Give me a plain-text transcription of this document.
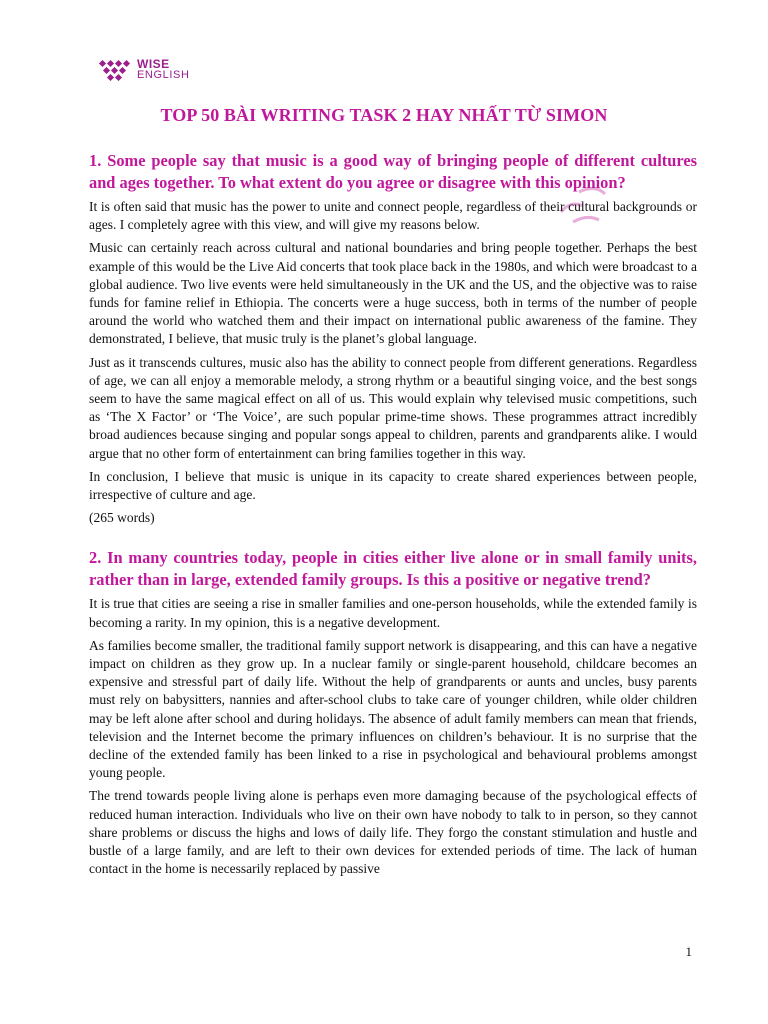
WISE
ENGLISH
TOP 50 BÀI WRITING TASK 2 HAY NHẤT TỪ SIMON
1. Some people say that music is a good way of bringing people of different cultures and ages together. To what extent do you agree or disagree with this opinion?

It is often said that music has the power to unite and connect people, regardless of their cultural backgrounds or ages. I completely agree with this view, and will give my reasons below.

Music can certainly reach across cultural and national boundaries and bring people together. Perhaps the best example of this would be the Live Aid concerts that took place back in the 1980s, and which were broadcast to a global audience. Two live events were held simultaneously in the UK and the US, and the objective was to raise funds for famine relief in Ethiopia. The concerts were a huge success, both in terms of the number of people around the world who watched them and their impact on international public awareness of the famine. They demonstrated, I believe, that music truly is the planet’s global language.

Just as it transcends cultures, music also has the ability to connect people from different generations. Regardless of age, we can all enjoy a memorable melody, a strong rhythm or a beautiful singing voice, and the best songs seem to have the same magical effect on all of us. This would explain why televised music competitions, such as ‘The X Factor’ or ‘The Voice’, are such popular prime-time shows. These programmes attract incredibly broad audiences because singing and popular songs appeal to children, parents and grandparents alike. I would argue that no other form of entertainment can bring families together in this way.

In conclusion, I believe that music is unique in its capacity to create shared experiences between people, irrespective of culture and age.

(265 words)

2. In many countries today, people in cities either live alone or in small family units, rather than in large, extended family groups. Is this a positive or negative trend?

It is true that cities are seeing a rise in smaller families and one-person households, while the extended family is becoming a rarity. In my opinion, this is a negative development.

As families become smaller, the traditional family support network is disappearing, and this can have a negative impact on children as they grow up. In a nuclear family or single-parent household, childcare becomes an expensive and stressful part of daily life. Without the help of grandparents or aunts and uncles, busy parents must rely on babysitters, nannies and after-school clubs to take care of younger children, while older children may be left alone after school and during holidays. The absence of adult family members can mean that friends, television and the Internet become the primary influences on children’s behaviour. It is no surprise that the decline of the extended family has been linked to a rise in psychological and behavioural problems amongst young people.

The trend towards people living alone is perhaps even more damaging because of the psychological effects of reduced human interaction. Individuals who live on their own have nobody to talk to in person, so they cannot share problems or discuss the highs and lows of daily life. They forgo the constant stimulation and hustle and bustle of a large family, and are left to their own devices for extended periods of time. The lack of human contact in the home is necessarily replaced by passive

1
